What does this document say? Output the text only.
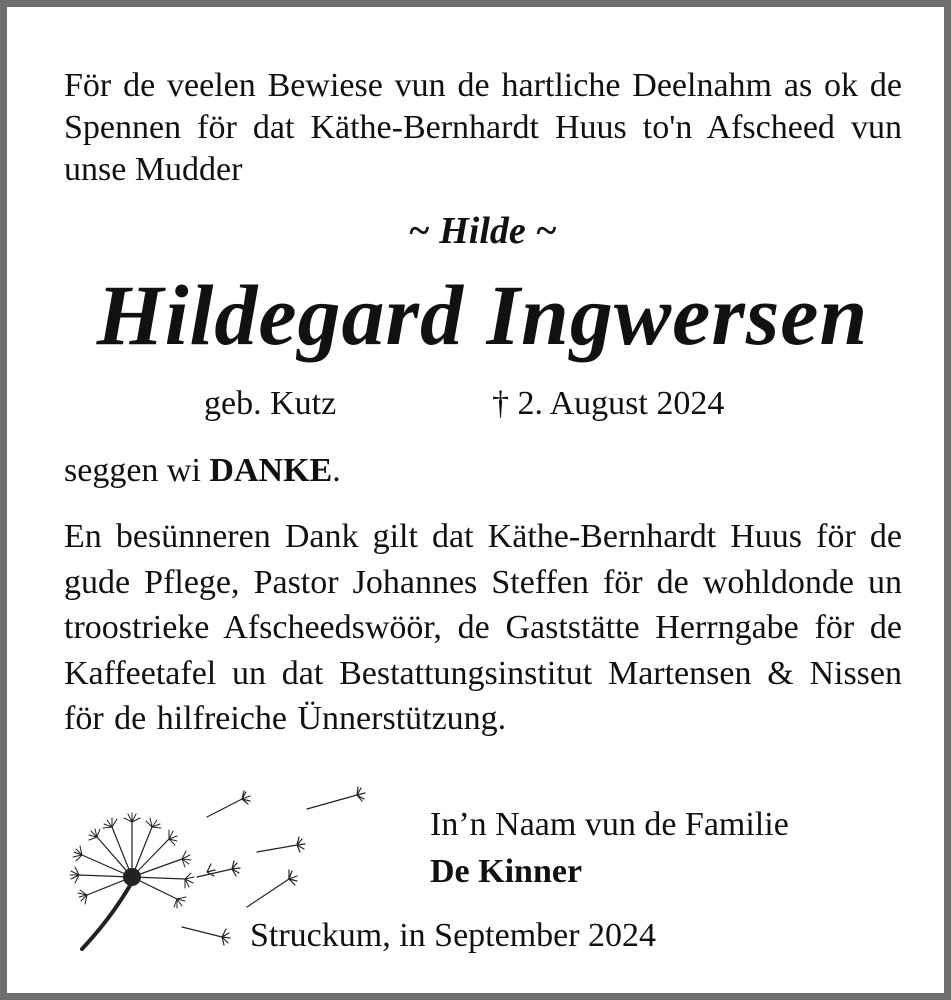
För de veelen Bewiese vun de hartliche Deelnahm as ok de Spennen för dat Käthe-Bernhardt Huus to'n Afscheed vun unse Mudder

~ Hilde ~

Hildegard Ingwersen

geb. Kutz	† 2. August 2024

seggen wi DANKE.

En besünneren Dank gilt dat Käthe-Bernhardt Huus för de gude Pflege, Pastor Johannes Steffen för de wohldonde un troostrieke Afscheedswöör, de Gaststätte Herrngabe för de Kaffeetafel un dat Bestattungsinstitut Martensen & Nissen för de hilfreiche Ünnerstützung.

In’n Naam vun de Familie

De Kinner

Struckum, in September 2024
